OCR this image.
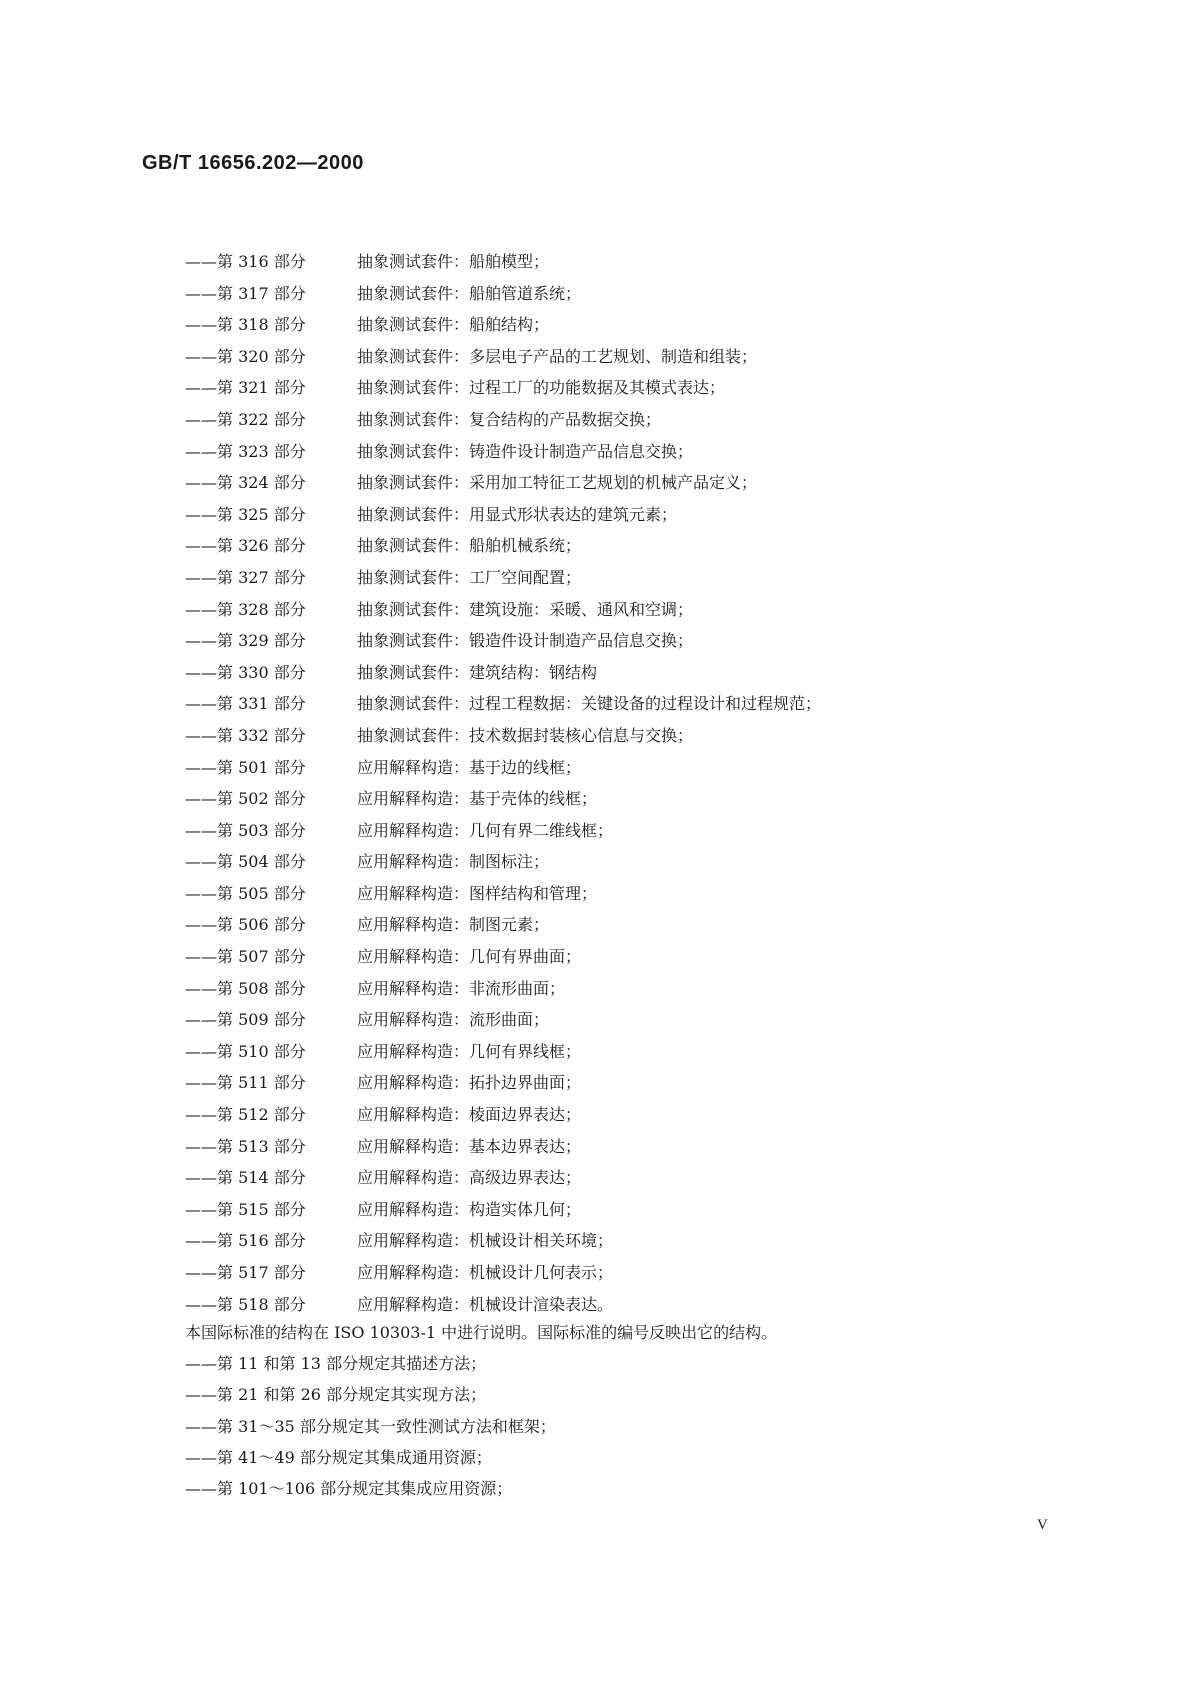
GB/T 16656.202—2000
——第 316 部分	抽象测试套件：船舶模型；
——第 317 部分	抽象测试套件：船舶管道系统；
——第 318 部分	抽象测试套件：船舶结构；
——第 320 部分	抽象测试套件：多层电子产品的工艺规划、制造和组装；
——第 321 部分	抽象测试套件：过程工厂的功能数据及其模式表达；
——第 322 部分	抽象测试套件：复合结构的产品数据交换；
——第 323 部分	抽象测试套件：铸造件设计制造产品信息交换；
——第 324 部分	抽象测试套件：采用加工特征工艺规划的机械产品定义；
——第 325 部分	抽象测试套件：用显式形状表达的建筑元素；
——第 326 部分	抽象测试套件：船舶机械系统；
——第 327 部分	抽象测试套件：工厂空间配置；
——第 328 部分	抽象测试套件：建筑设施：采暖、通风和空调；
——第 329 部分	抽象测试套件：锻造件设计制造产品信息交换；
——第 330 部分	抽象测试套件：建筑结构：钢结构
——第 331 部分	抽象测试套件：过程工程数据：关键设备的过程设计和过程规范；
——第 332 部分	抽象测试套件：技术数据封装核心信息与交换；
——第 501 部分	应用解释构造：基于边的线框；
——第 502 部分	应用解释构造：基于壳体的线框；
——第 503 部分	应用解释构造：几何有界二维线框；
——第 504 部分	应用解释构造：制图标注；
——第 505 部分	应用解释构造：图样结构和管理；
——第 506 部分	应用解释构造：制图元素；
——第 507 部分	应用解释构造：几何有界曲面；
——第 508 部分	应用解释构造：非流形曲面；
——第 509 部分	应用解释构造：流形曲面；
——第 510 部分	应用解释构造：几何有界线框；
——第 511 部分	应用解释构造：拓扑边界曲面；
——第 512 部分	应用解释构造：棱面边界表达；
——第 513 部分	应用解释构造：基本边界表达；
——第 514 部分	应用解释构造：高级边界表达；
——第 515 部分	应用解释构造：构造实体几何；
——第 516 部分	应用解释构造：机械设计相关环境；
——第 517 部分	应用解释构造：机械设计几何表示；
——第 518 部分	应用解释构造：机械设计渲染表达。
本国际标准的结构在 ISO 10303-1 中进行说明。国际标准的编号反映出它的结构。
——第 11 和第 13 部分规定其描述方法；
——第 21 和第 26 部分规定其实现方法；
——第 31～35 部分规定其一致性测试方法和框架；
——第 41～49 部分规定其集成通用资源；
——第 101～106 部分规定其集成应用资源；
V
